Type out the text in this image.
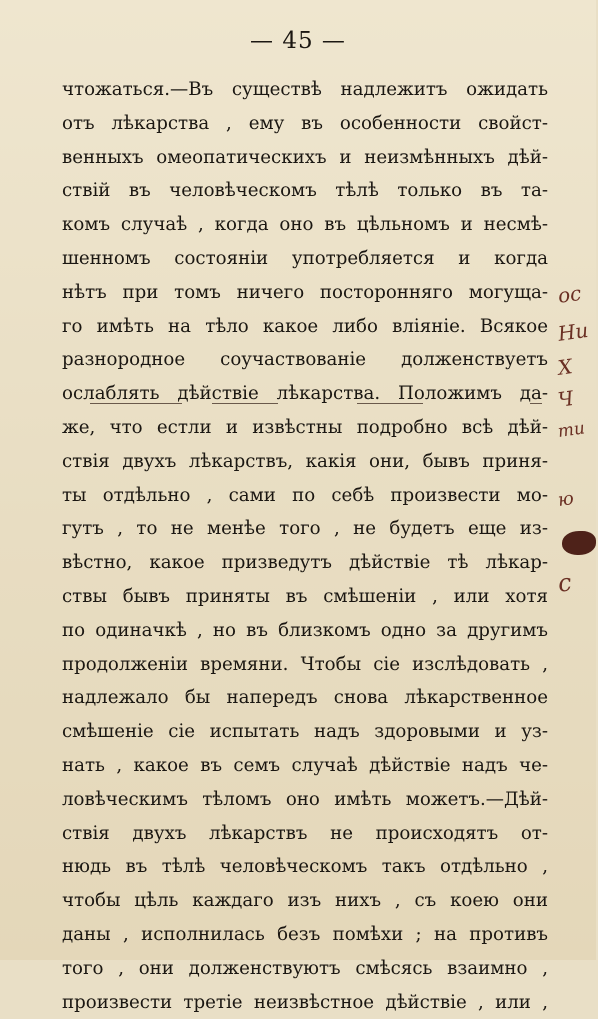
— 45 —
чтожаться.—Въ существѣ надлежитъ ожидать
отъ лѣкарства , ему въ особенности свойст-
венныхъ омеопатическихъ и неизмѣнныхъ дѣй-
ствій въ человѣческомъ тѣлѣ только въ та-
комъ случаѣ , когда оно въ цѣльномъ и несмѣ-
шенномъ состояніи употребляется и когда
нѣтъ при томъ ничего посторонняго могуща-
го имѣть на тѣло какое либо вліяніе. Всякое
разнородное соучаствованіе долженствуетъ
ослаблять дѣйствіе лѣкарства. Положимъ да-
же, что естли и извѣстны подробно всѣ дѣй-
ствія двухъ лѣкарствъ, какія они, бывъ приня-
ты отдѣльно , сами по себѣ произвести мо-
гутъ , то не менѣе того , не будетъ еще из-
вѣстно, какое призведутъ дѣйствіе тѣ лѣкар-
ствы бывъ приняты въ смѣшеніи , или хотя
по одиначкѣ , но въ близкомъ одно за другимъ
продолженіи времяни. Чтобы сіе изслѣдовать ,
надлежало бы напередъ снова лѣкарственное
смѣшеніе сіе испытать надъ здоровыми и уз-
нать , какое въ семъ случаѣ дѣйствіе надъ че-
ловѣческимъ тѣломъ оно имѣть можетъ.—Дѣй-
ствія двухъ лѣкарствъ не происходятъ от-
нюдь въ тѣлѣ человѣческомъ такъ отдѣльно ,
чтобы цѣль каждаго изъ нихъ , съ коею они
даны , исполнилась безъ помѣхи ; на противъ
того , они долженствуютъ смѣсясь взаимно ,
произвести третіе неизвѣстное дѣйствіе , или ,
ос
Ни
Х
Ч
ти
ю
с
